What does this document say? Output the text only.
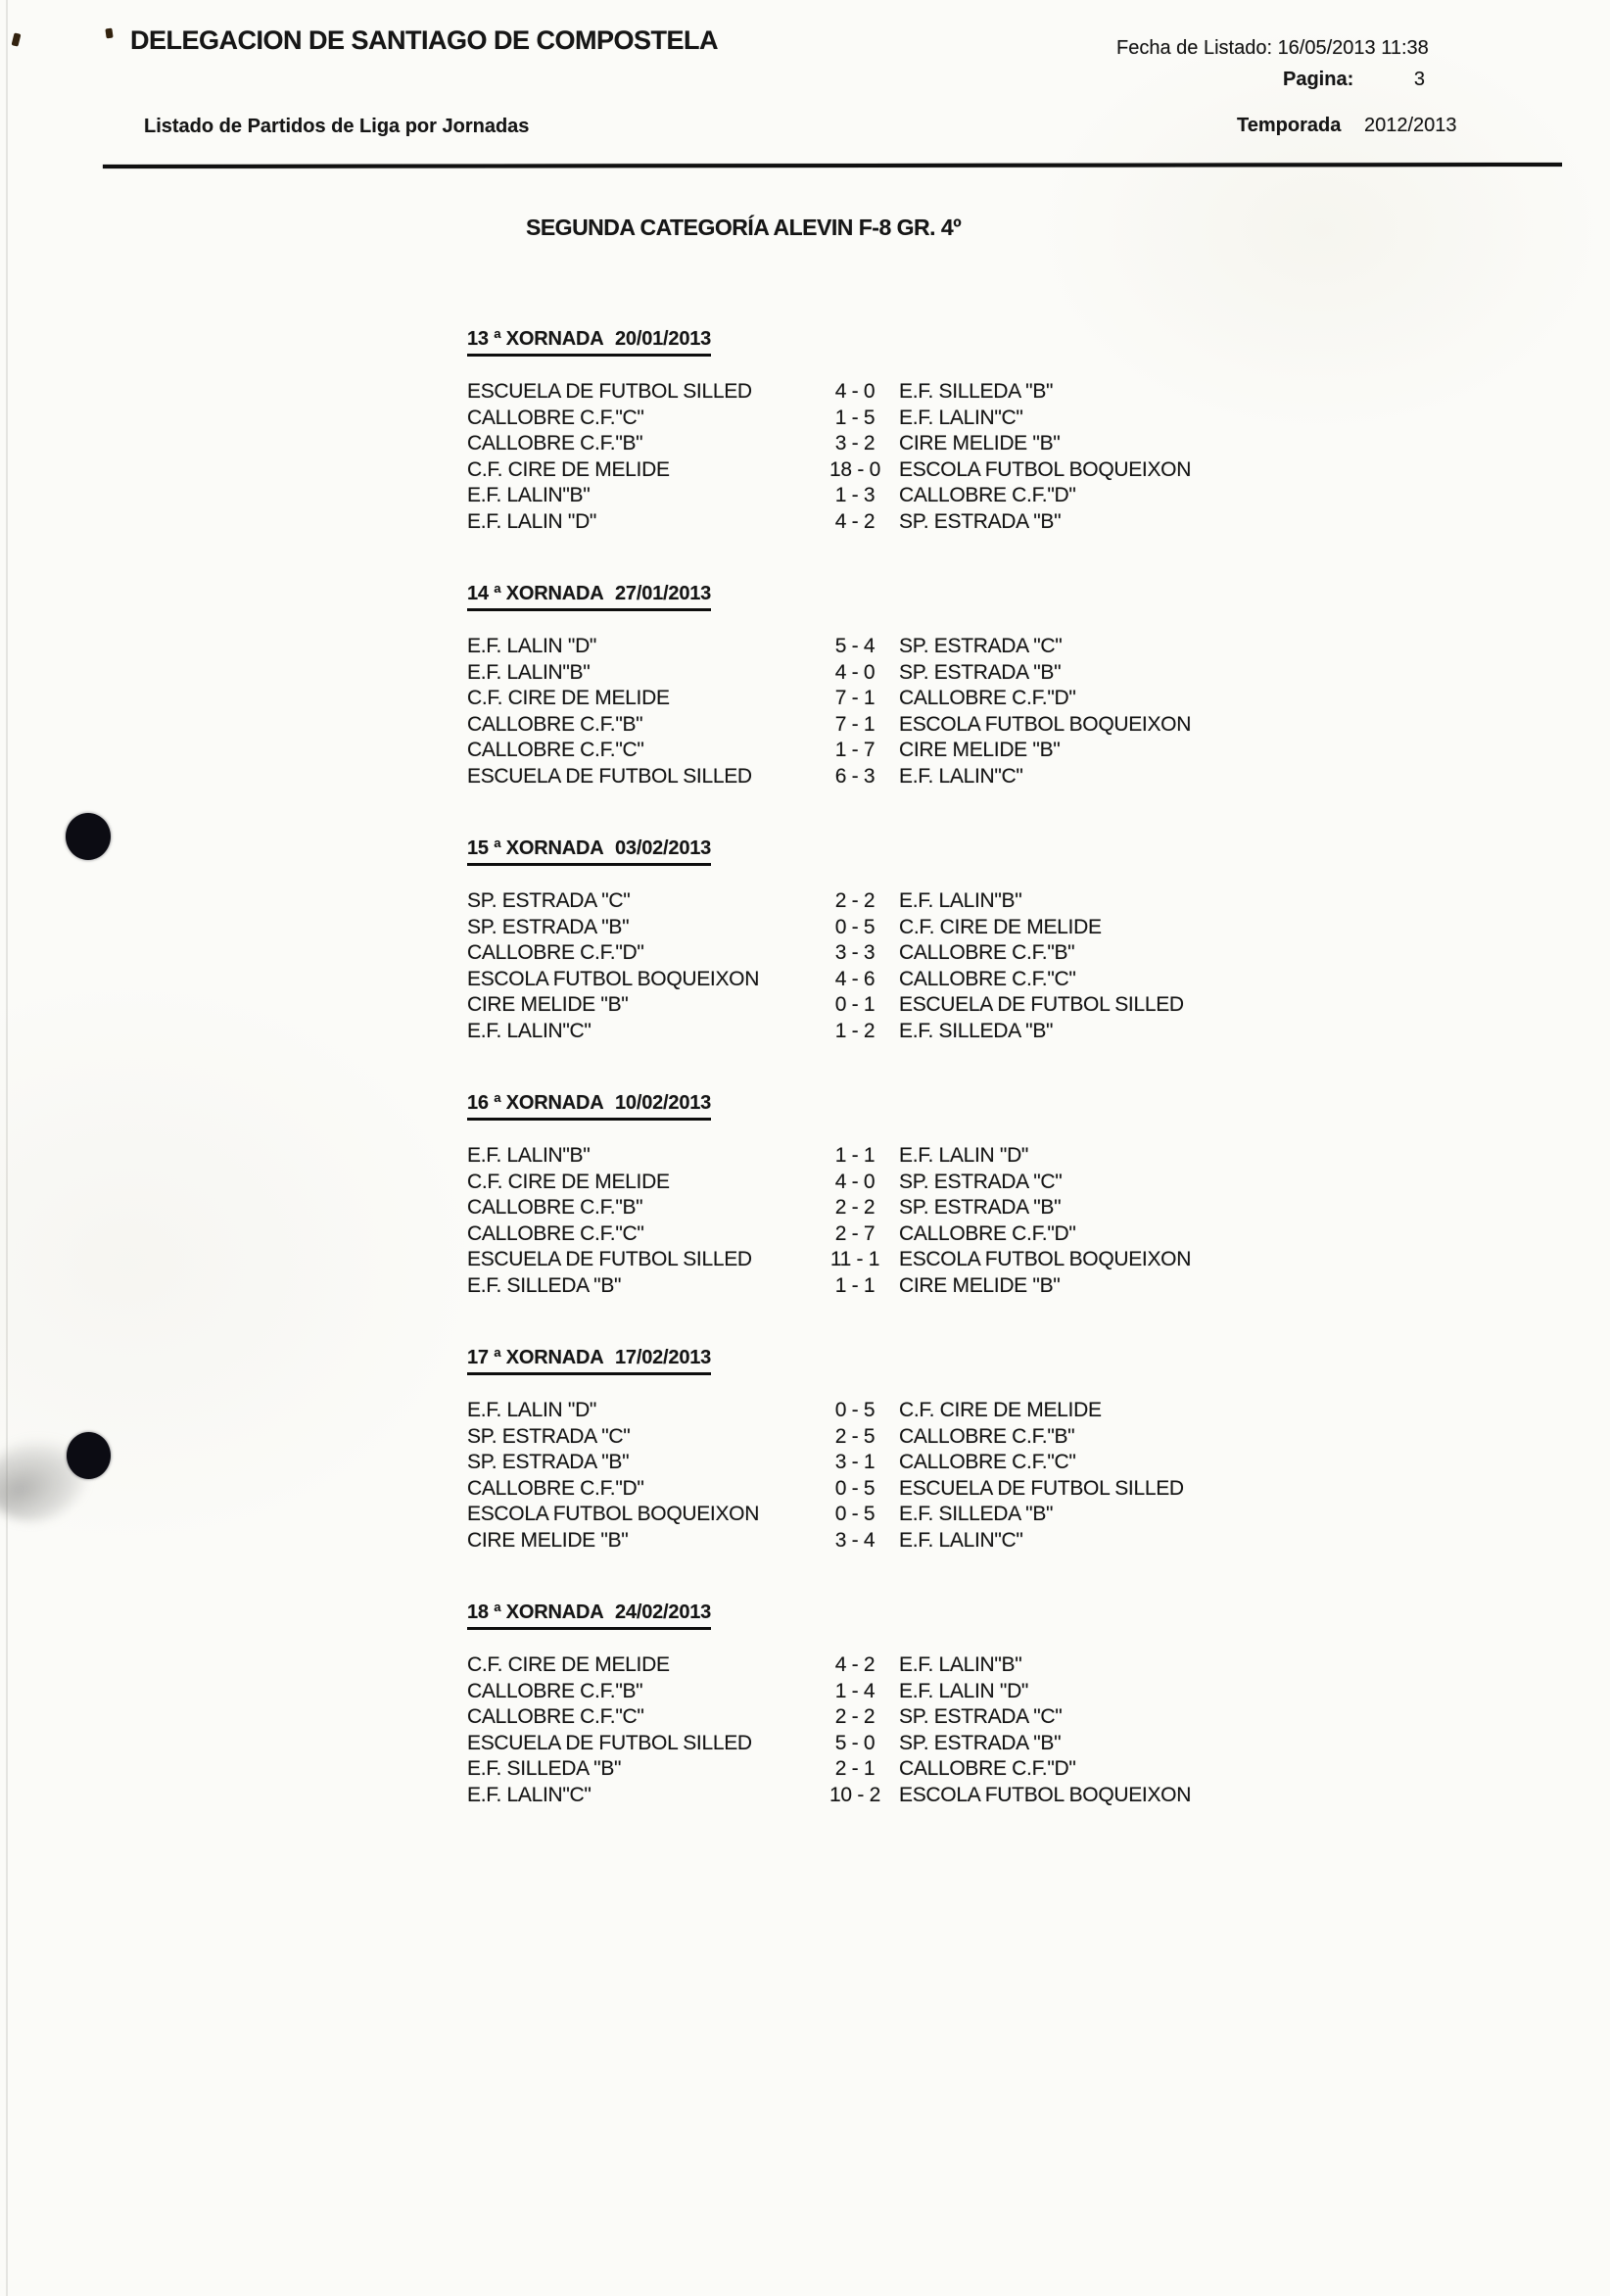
DELEGACION DE SANTIAGO DE COMPOSTELA	Fecha de Listado: 16/05/2013 11:38
Pagina:	3
Listado de Partidos de Liga por Jornadas	Temporada 2012/2013
SEGUNDA CATEGORÍA ALEVIN F-8 GR. 4º
13 ª XORNADA 20/01/2013
ESCUELA DE FUTBOL SILLED	4 - 0	E.F. SILLEDA "B"
CALLOBRE C.F."C"	1 - 5	E.F. LALIN"C"
CALLOBRE C.F."B"	3 - 2	CIRE MELIDE "B"
C.F. CIRE DE MELIDE	18 - 0 ESCOLA FUTBOL BOQUEIXON
E.F. LALIN"B"	1 - 3	CALLOBRE C.F."D"
E.F. LALIN "D"	4 - 2	SP. ESTRADA "B"
14 ª XORNADA 27/01/2013
E.F. LALIN "D"	5 - 4	SP. ESTRADA "C"
E.F. LALIN"B"	4 - 0	SP. ESTRADA "B"
C.F. CIRE DE MELIDE	7 - 1	CALLOBRE C.F."D"
CALLOBRE C.F."B"	7 - 1	ESCOLA FUTBOL BOQUEIXON
CALLOBRE C.F."C"	1 - 7	CIRE MELIDE "B"
ESCUELA DE FUTBOL SILLED	6 - 3	E.F. LALIN"C"
15 ª XORNADA 03/02/2013
SP. ESTRADA "C"	2 - 2	E.F. LALIN"B"
SP. ESTRADA "B"	0 - 5	C.F. CIRE DE MELIDE
CALLOBRE C.F."D"	3 - 3	CALLOBRE C.F."B"
ESCOLA FUTBOL BOQUEIXON	4 - 6	CALLOBRE C.F."C"
CIRE MELIDE "B"	0 - 1	ESCUELA DE FUTBOL SILLED
E.F. LALIN"C"	1 - 2	E.F. SILLEDA "B"
16 ª XORNADA 10/02/2013
E.F. LALIN"B"	1 - 1	E.F. LALIN "D"
C.F. CIRE DE MELIDE	4 - 0	SP. ESTRADA "C"
CALLOBRE C.F."B"	2 - 2	SP. ESTRADA "B"
CALLOBRE C.F."C"	2 - 7	CALLOBRE C.F."D"
ESCUELA DE FUTBOL SILLED	11 - 1 ESCOLA FUTBOL BOQUEIXON
E.F. SILLEDA "B"	1 - 1	CIRE MELIDE "B"
17 ª XORNADA 17/02/2013
E.F. LALIN "D"	0 - 5	C.F. CIRE DE MELIDE
SP. ESTRADA "C"	2 - 5	CALLOBRE C.F."B"
SP. ESTRADA "B"	3 - 1	CALLOBRE C.F."C"
CALLOBRE C.F."D"	0 - 5	ESCUELA DE FUTBOL SILLED
ESCOLA FUTBOL BOQUEIXON	0 - 5	E.F. SILLEDA "B"
CIRE MELIDE "B"	3 - 4	E.F. LALIN"C"
18 ª XORNADA 24/02/2013
C.F. CIRE DE MELIDE	4 - 2	E.F. LALIN"B"
CALLOBRE C.F."B"	1 - 4	E.F. LALIN "D"
CALLOBRE C.F."C"	2 - 2	SP. ESTRADA "C"
ESCUELA DE FUTBOL SILLED	5 - 0	SP. ESTRADA "B"
E.F. SILLEDA "B"	2 - 1	CALLOBRE C.F."D"
E.F. LALIN"C"	10 - 2 ESCOLA FUTBOL BOQUEIXON
